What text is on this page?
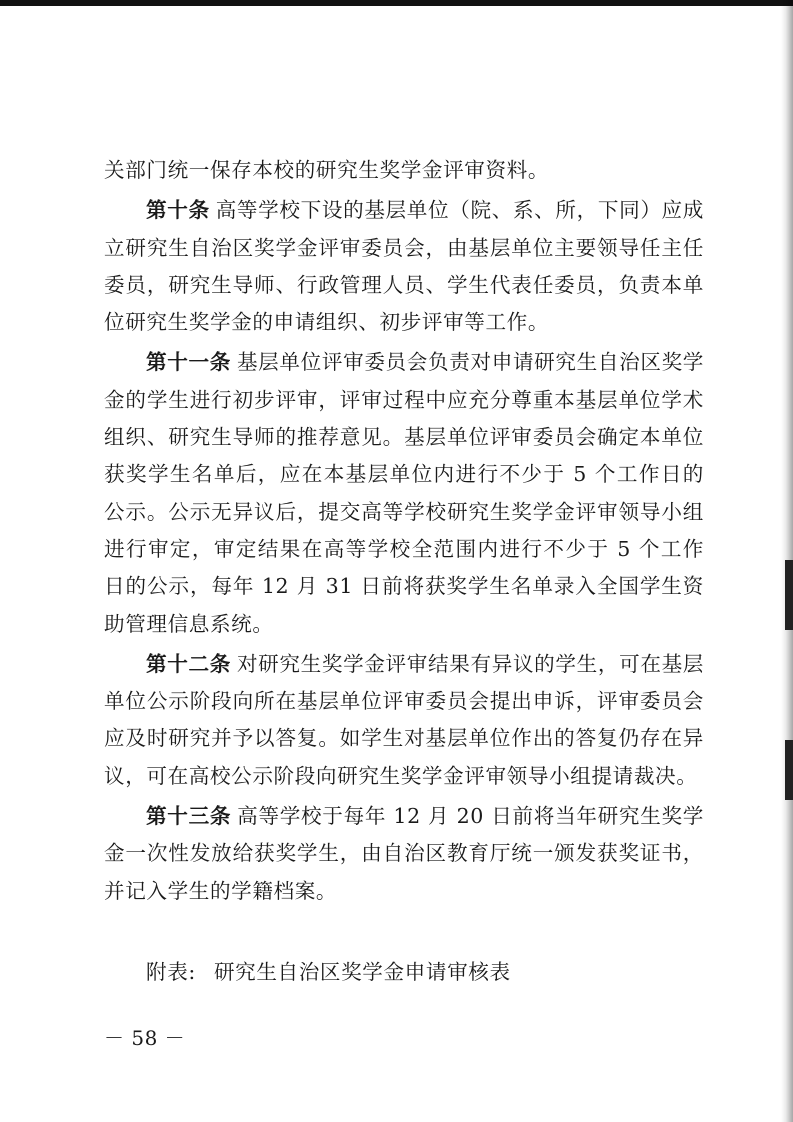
关部门统一保存本校的研究生奖学金评审资料。

第十条 高等学校下设的基层单位（院、系、所，下同）应成立研究生自治区奖学金评审委员会，由基层单位主要领导任主任委员，研究生导师、行政管理人员、学生代表任委员，负责本单位研究生奖学金的申请组织、初步评审等工作。

第十一条 基层单位评审委员会负责对申请研究生自治区奖学金的学生进行初步评审，评审过程中应充分尊重本基层单位学术组织、研究生导师的推荐意见。基层单位评审委员会确定本单位获奖学生名单后，应在本基层单位内进行不少于 5 个工作日的公示。公示无异议后，提交高等学校研究生奖学金评审领导小组进行审定，审定结果在高等学校全范围内进行不少于 5 个工作日的公示，每年 12 月 31 日前将获奖学生名单录入全国学生资助管理信息系统。

第十二条 对研究生奖学金评审结果有异议的学生，可在基层单位公示阶段向所在基层单位评审委员会提出申诉，评审委员会应及时研究并予以答复。如学生对基层单位作出的答复仍存在异议，可在高校公示阶段向研究生奖学金评审领导小组提请裁决。

第十三条 高等学校于每年 12 月 20 日前将当年研究生奖学金一次性发放给获奖学生，由自治区教育厅统一颁发获奖证书，并记入学生的学籍档案。

附表: 研究生自治区奖学金申请审核表
－ 58 －
